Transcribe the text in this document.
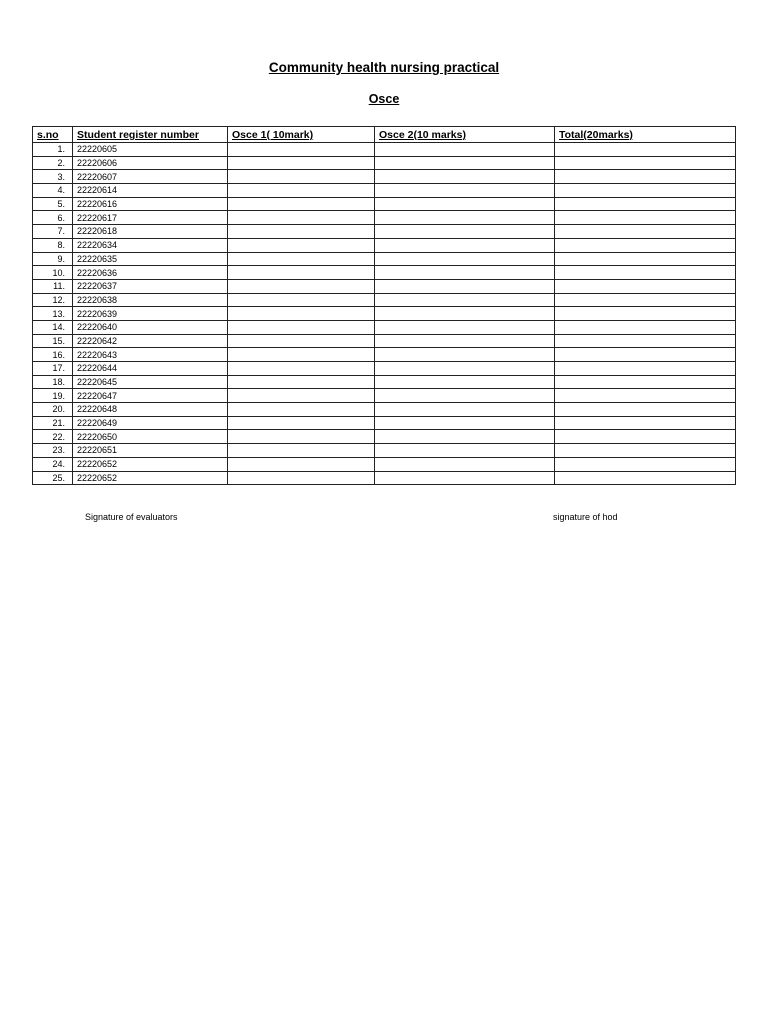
Community health nursing practical
Osce
s.no	Student register number	Osce 1( 10mark)	Osce 2(10 marks)	Total(20marks)
1.	22220605			
2.	22220606			
3.	22220607			
4.	22220614			
5.	22220616			
6.	22220617			
7.	22220618			
8.	22220634			
9.	22220635			
10.	22220636			
11.	22220637			
12.	22220638			
13.	22220639			
14.	22220640			
15.	22220642			
16.	22220643			
17.	22220644			
18.	22220645			
19.	22220647			
20.	22220648			
21.	22220649			
22.	22220650			
23.	22220651			
24.	22220652			
25.	22220652			
Signature of evaluators	signature of hod
